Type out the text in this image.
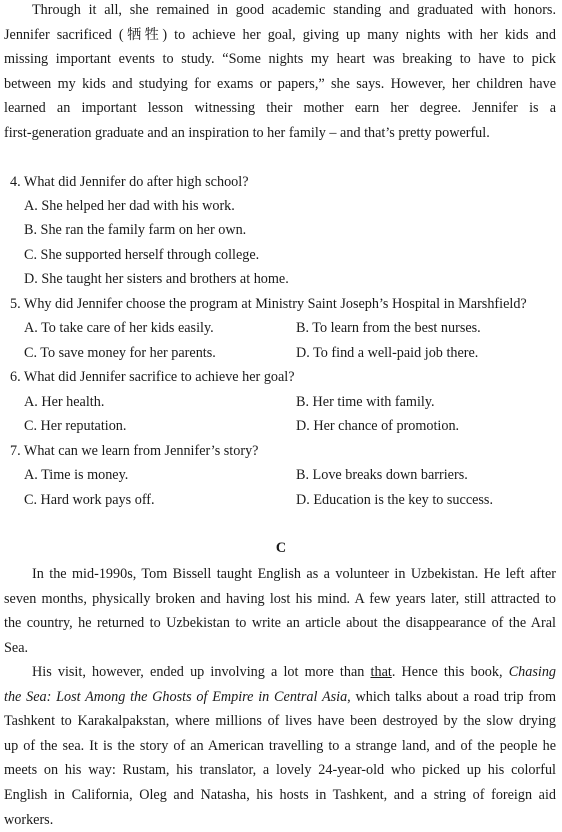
Through it all, she remained in good academic standing and graduated with honors.
Jennifer sacrificed (牺牲) to achieve her goal, giving up many nights with her kids and
missing important events to study. “Some nights my heart was breaking to have to pick
between my kids and studying for exams or papers,” she says. However, her children have
learned an important lesson witnessing their mother earn her degree. Jennifer is a
first-generation graduate and an inspiration to her family – and that’s pretty powerful.
4. What did Jennifer do after high school?
A. She helped her dad with his work.
B. She ran the family farm on her own.
C. She supported herself through college.
D. She taught her sisters and brothers at home.
5. Why did Jennifer choose the program at Ministry Saint Joseph’s Hospital in Marshfield?
A. To take care of her kids easily.	B. To learn from the best nurses.
C. To save money for her parents.	D. To find a well-paid job there.
6. What did Jennifer sacrifice to achieve her goal?
A. Her health.	B. Her time with family.
C. Her reputation.	D. Her chance of promotion.
7. What can we learn from Jennifer’s story?
A. Time is money.	B. Love breaks down barriers.
C. Hard work pays off.	D. Education is the key to success.
C
In the mid-1990s, Tom Bissell taught English as a volunteer in Uzbekistan. He left after
seven months, physically broken and having lost his mind. A few years later, still attracted to
the country, he returned to Uzbekistan to write an article about the disappearance of the Aral
Sea.
His visit, however, ended up involving a lot more than that. Hence this book, Chasing
the Sea: Lost Among the Ghosts of Empire in Central Asia, which talks about a road trip from
Tashkent to Karakalpakstan, where millions of lives have been destroyed by the slow drying
up of the sea. It is the story of an American travelling to a strange land, and of the people he
meets on his way: Rustam, his translator, a lovely 24-year-old who picked up his colorful
English in California, Oleg and Natasha, his hosts in Tashkent, and a string of foreign aid
workers.
